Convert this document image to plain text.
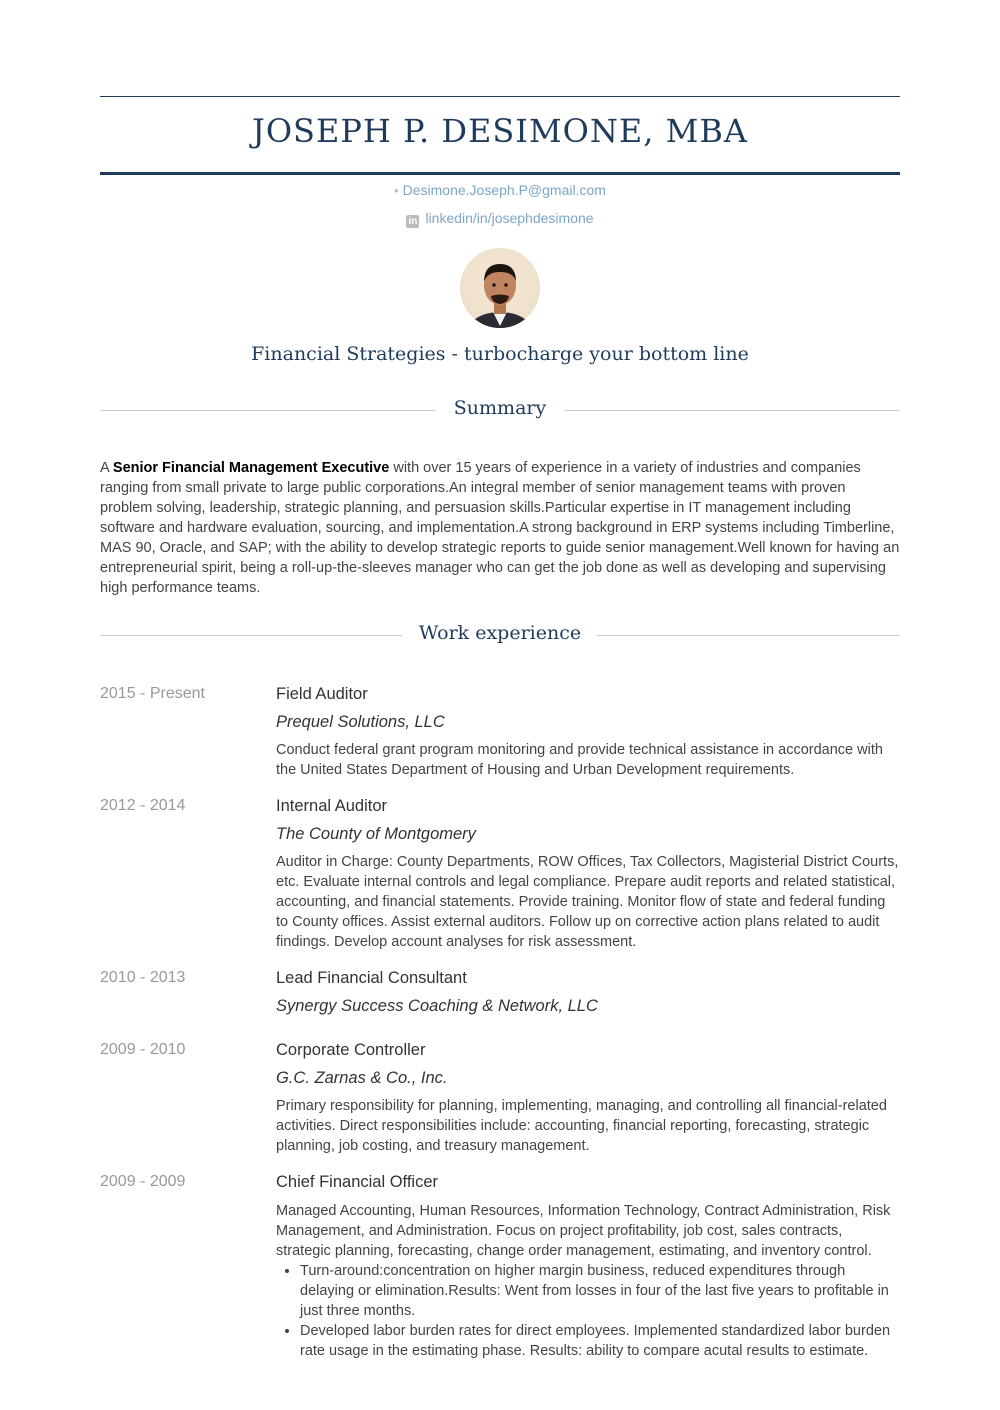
JOSEPH P. DESIMONE, MBA
• Desimone.Joseph.P@gmail.com
in linkedin/in/josephdesimone
Financial Strategies - turbocharge your bottom line
Summary
A Senior Financial Management Executive with over 15 years of experience in a variety of industries and companies ranging from small private to large public corporations.An integral member of senior management teams with proven problem solving, leadership, strategic planning, and persuasion skills.Particular expertise in IT management including software and hardware evaluation, sourcing, and implementation.A strong background in ERP systems including Timberline, MAS 90, Oracle, and SAP; with the ability to develop strategic reports to guide senior management.Well known for having an entrepreneurial spirit, being a roll-up-the-sleeves manager who can get the job done as well as developing and supervising high performance teams.
Work experience
2015 - Present	Field Auditor
Prequel Solutions, LLC
Conduct federal grant program monitoring and provide technical assistance in accordance with the United States Department of Housing and Urban Development requirements.
2012 - 2014	Internal Auditor
The County of Montgomery
Auditor in Charge: County Departments, ROW Offices, Tax Collectors, Magisterial District Courts, etc. Evaluate internal controls and legal compliance. Prepare audit reports and related statistical, accounting, and financial statements. Provide training. Monitor flow of state and federal funding to County offices. Assist external auditors. Follow up on corrective action plans related to audit findings. Develop account analyses for risk assessment.
2010 - 2013	Lead Financial Consultant
Synergy Success Coaching & Network, LLC
2009 - 2010	Corporate Controller
G.C. Zarnas & Co., Inc.
Primary responsibility for planning, implementing, managing, and controlling all financial-related activities. Direct responsibilities include: accounting, financial reporting, forecasting, strategic planning, job costing, and treasury management.
2009 - 2009	Chief Financial Officer
Managed Accounting, Human Resources, Information Technology, Contract Administration, Risk Management, and Administration. Focus on project profitability, job cost, sales contracts, strategic planning, forecasting, change order management, estimating, and inventory control.
• Turn-around:concentration on higher margin business, reduced expenditures through delaying or elimination.Results: Went from losses in four of the last five years to profitable in just three months.
• Developed labor burden rates for direct employees. Implemented standardized labor burden rate usage in the estimating phase. Results: ability to compare acutal results to estimate.
